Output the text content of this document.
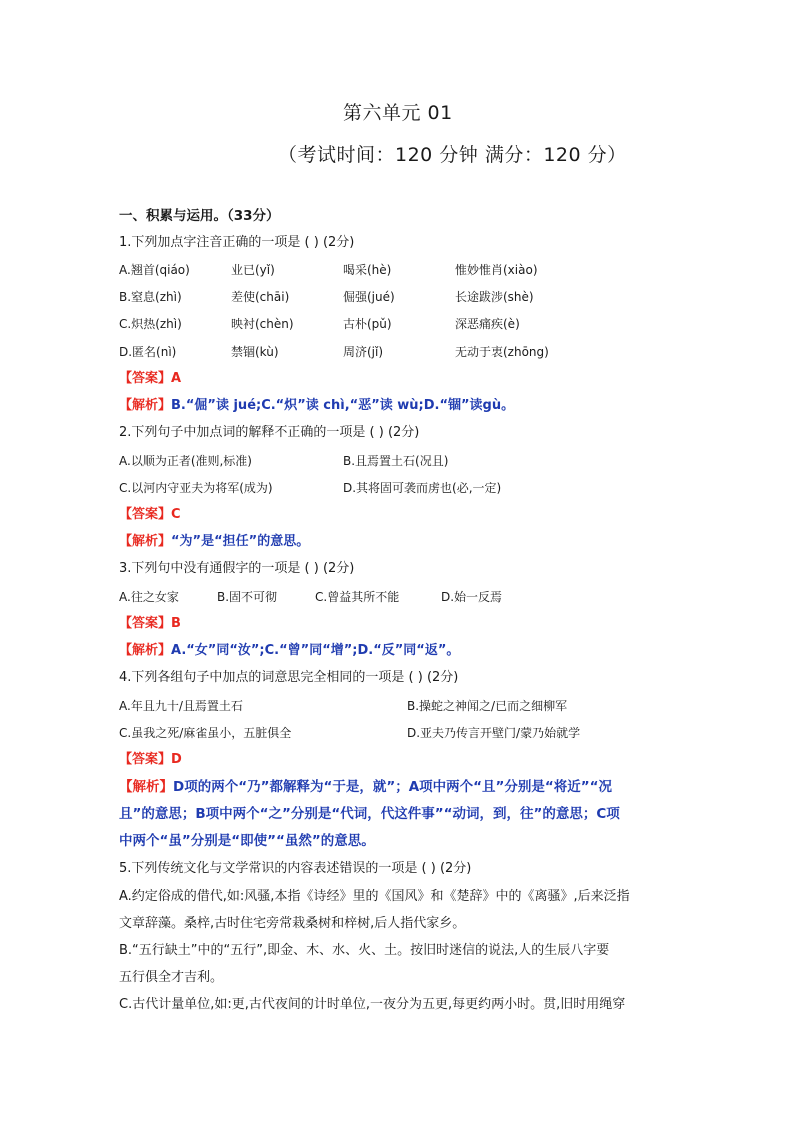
第六单元 01
（考试时间：120 分钟 满分：120 分）
一、积累与运用。（33分）
1.下列加点字注音正确的一项是 ( ) (2分)
A.翘首(qiáo)	业已(yǐ)	喝采(hè)	惟妙惟肖(xiào)
B.窒息(zhì)	差使(chāi)	倔强(jué)	长途跋涉(shè)
C.炽热(zhì)	映衬(chèn)	古朴(pǔ)	深恶痛疾(è)
D.匿名(nì)	禁锢(kù)	周济(jǐ)	无动于衷(zhōng)
【答案】A
【解析】B.“倔”读 jué;C.“炽”读 chì,“恶”读 wù;D.“锢”读gù。
2.下列句子中加点词的解释不正确的一项是 ( ) (2分)
A.以顺为正者(准则,标准)	B.且焉置土石(况且)
C.以河内守亚夫为将军(成为)	D.其将固可袭而虏也(必,一定)
【答案】C
【解析】“为”是“担任”的意思。
3.下列句中没有通假字的一项是 ( ) (2分)
A.往之女家	B.固不可彻	C.曾益其所不能	D.始一反焉
【答案】B
【解析】A.“女”同“汝”;C.“曾”同“增”;D.“反”同“返”。
4.下列各组句子中加点的词意思完全相同的一项是 ( ) (2分)
A.年且九十/且焉置土石	B.操蛇之神闻之/已而之细柳军
C.虽我之死/麻雀虽小，五脏俱全	D.亚夫乃传言开壁门/蒙乃始就学
【答案】D
【解析】D项的两个“乃”都解释为“于是，就”；A项中两个“且”分别是“将近”“况
且”的意思；B项中两个“之”分别是“代词，代这件事”“动词，到，往”的意思；C项
中两个“虽”分别是“即使”“虽然”的意思。
5.下列传统文化与文学常识的内容表述错误的一项是 ( ) (2分)
A.约定俗成的借代,如:风骚,本指《诗经》里的《国风》和《楚辞》中的《离骚》,后来泛指
文章辞藻。桑梓,古时住宅旁常栽桑树和梓树,后人指代家乡。
B.“五行缺土”中的“五行”,即金、木、水、火、土。按旧时迷信的说法,人的生辰八字要
五行俱全才吉利。
C.古代计量单位,如:更,古代夜间的计时单位,一夜分为五更,每更约两小时。贯,旧时用绳穿
